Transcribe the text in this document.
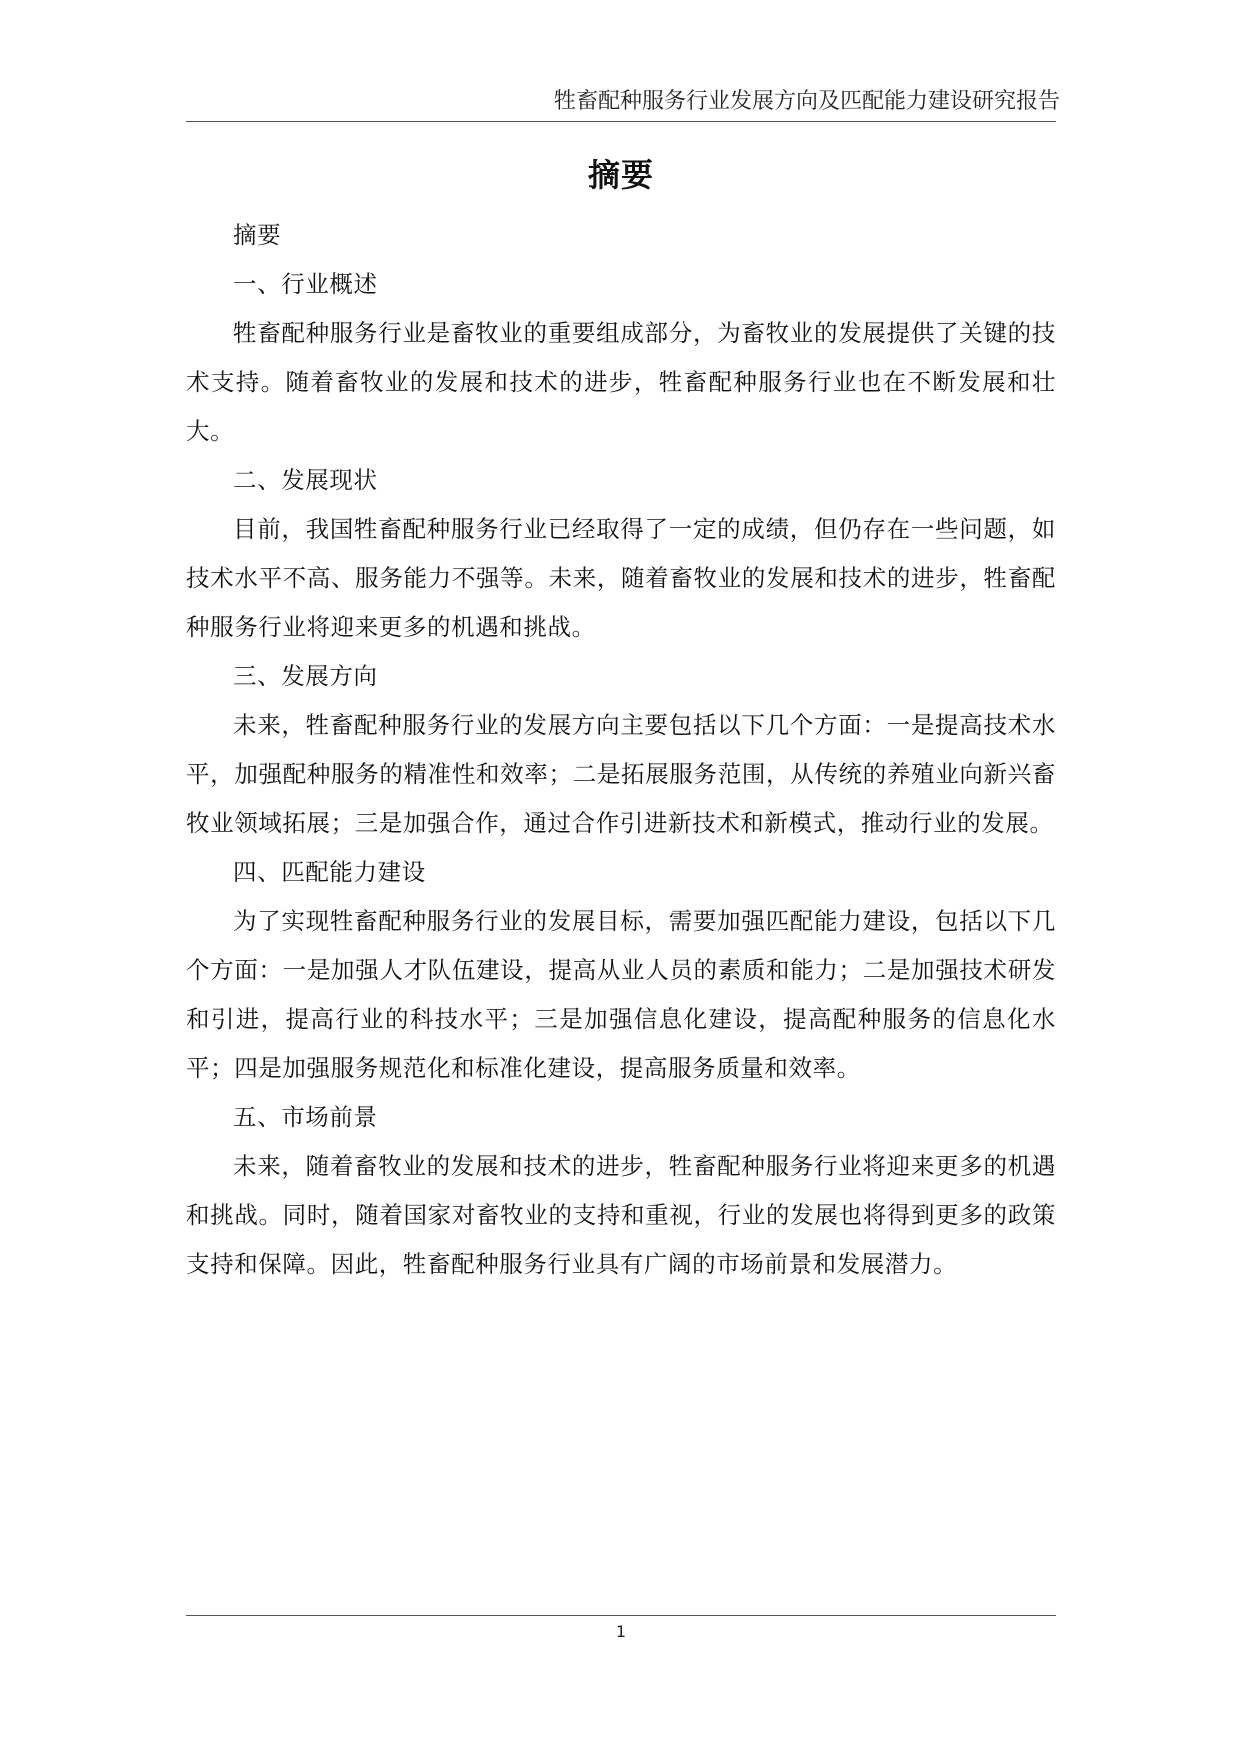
牲畜配种服务行业发展方向及匹配能力建设研究报告
摘要

摘要

一、行业概述

牲畜配种服务行业是畜牧业的重要组成部分，为畜牧业的发展提供了关键的技术支持。随着畜牧业的发展和技术的进步，牲畜配种服务行业也在不断发展和壮大。

二、发展现状

目前，我国牲畜配种服务行业已经取得了一定的成绩，但仍存在一些问题，如技术水平不高、服务能力不强等。未来，随着畜牧业的发展和技术的进步，牲畜配种服务行业将迎来更多的机遇和挑战。

三、发展方向

未来，牲畜配种服务行业的发展方向主要包括以下几个方面：一是提高技术水平，加强配种服务的精准性和效率；二是拓展服务范围，从传统的养殖业向新兴畜牧业领域拓展；三是加强合作，通过合作引进新技术和新模式，推动行业的发展。

四、匹配能力建设

为了实现牲畜配种服务行业的发展目标，需要加强匹配能力建设，包括以下几个方面：一是加强人才队伍建设，提高从业人员的素质和能力；二是加强技术研发和引进，提高行业的科技水平；三是加强信息化建设，提高配种服务的信息化水平；四是加强服务规范化和标准化建设，提高服务质量和效率。

五、市场前景

未来，随着畜牧业的发展和技术的进步，牲畜配种服务行业将迎来更多的机遇和挑战。同时，随着国家对畜牧业的支持和重视，行业的发展也将得到更多的政策支持和保障。因此，牲畜配种服务行业具有广阔的市场前景和发展潜力。

1
